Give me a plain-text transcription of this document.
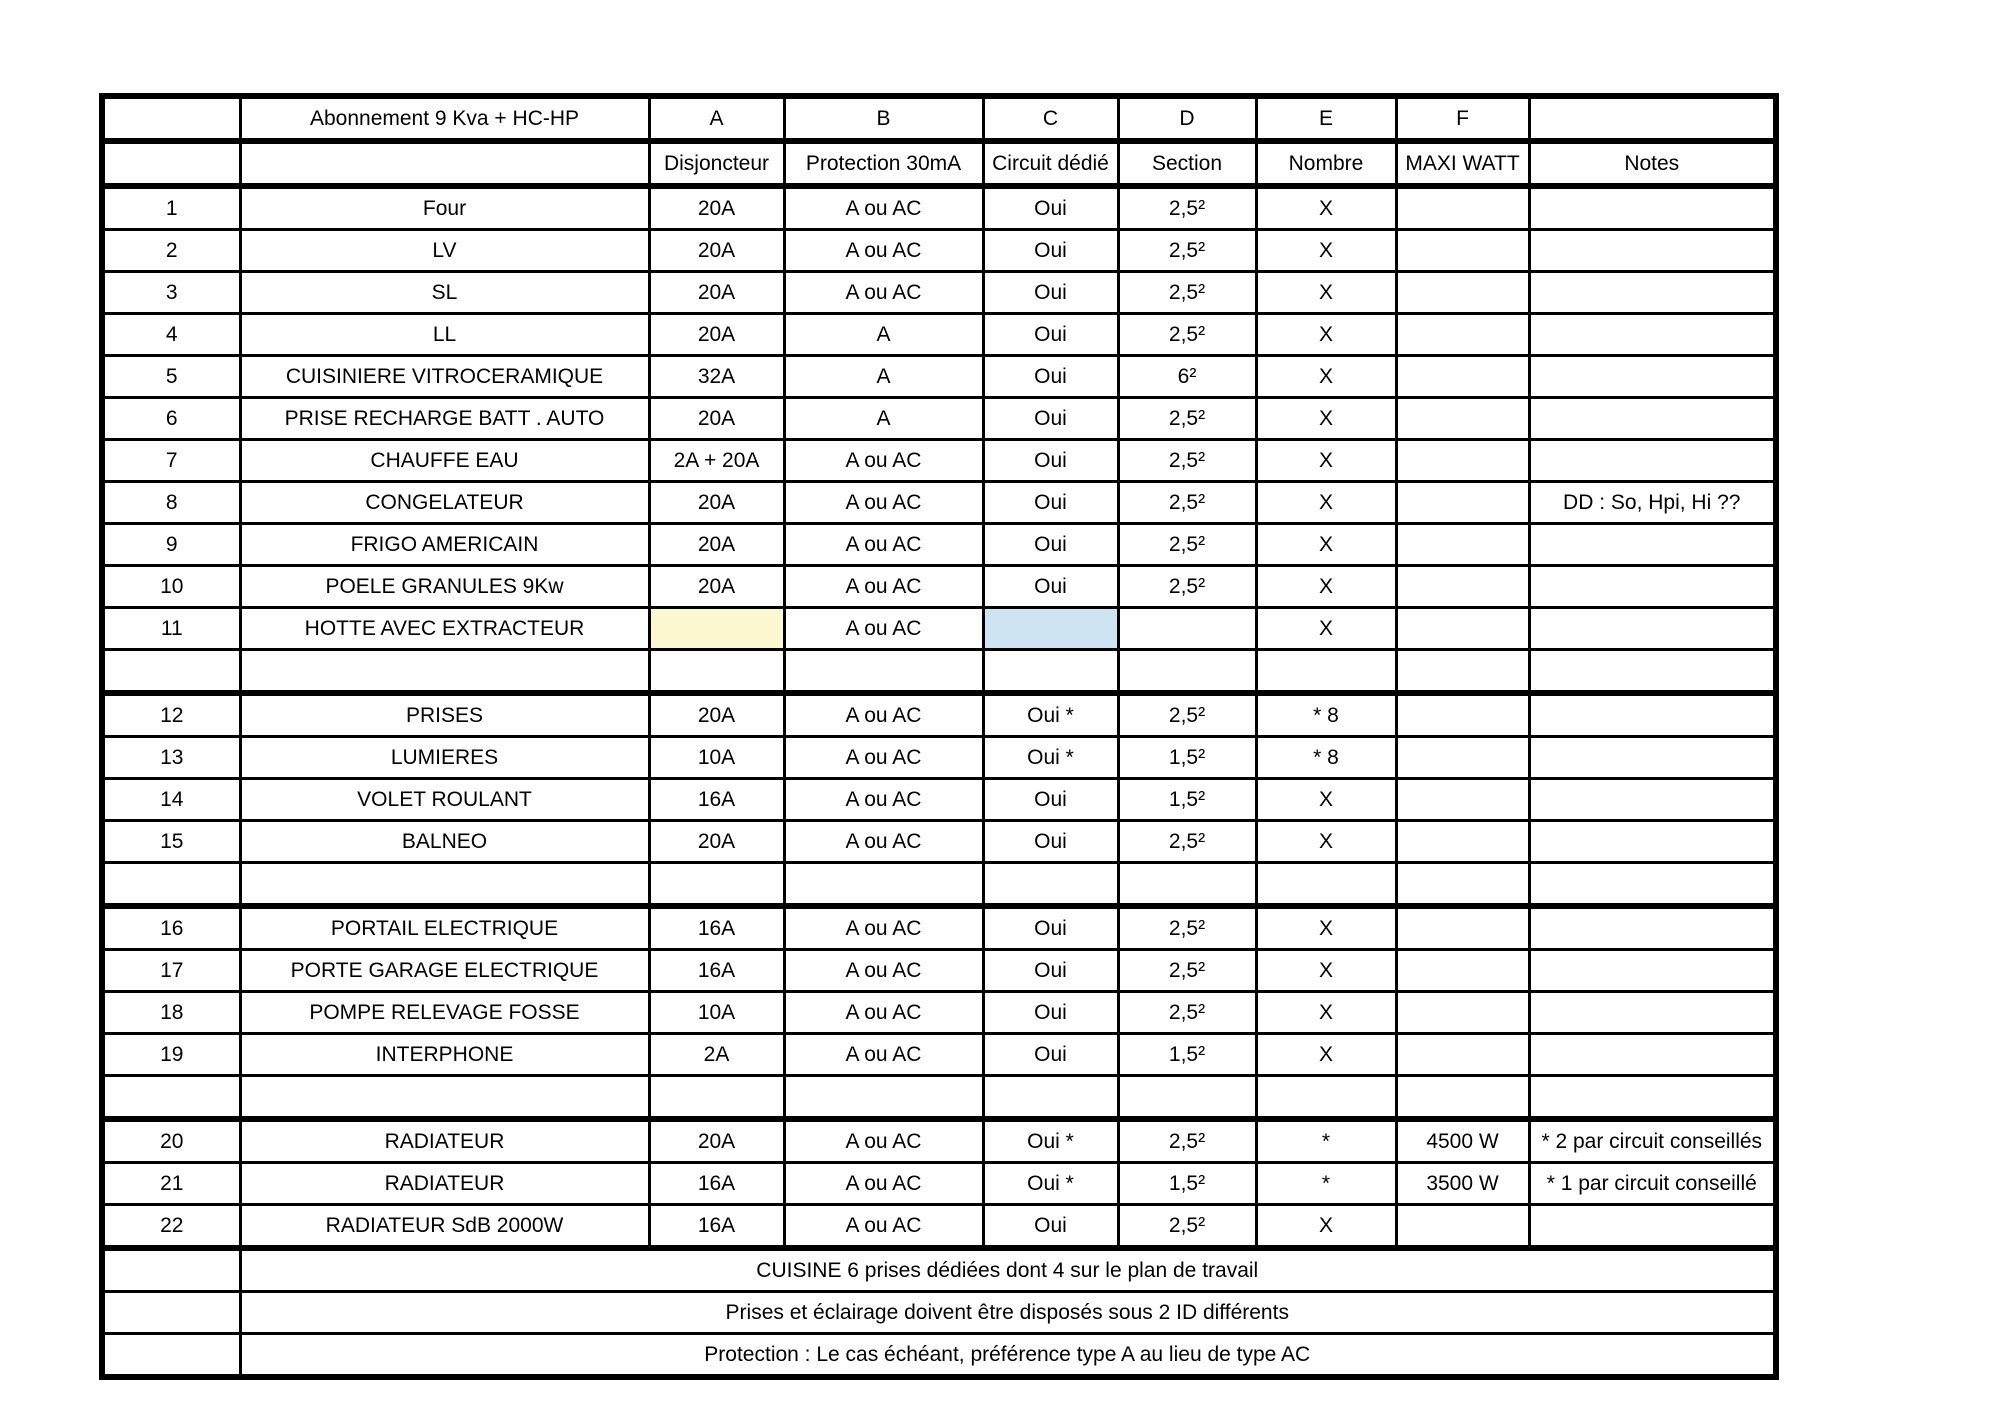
	Abonnement 9 Kva + HC-HP	A	B	C	D	E	F	
		Disjoncteur	Protection 30mA	Circuit dédié	Section	Nombre	MAXI WATT	Notes
1	Four	20A	A ou AC	Oui	2,5²	X		
2	LV	20A	A ou AC	Oui	2,5²	X		
3	SL	20A	A ou AC	Oui	2,5²	X		
4	LL	20A	A	Oui	2,5²	X		
5	CUISINIERE VITROCERAMIQUE	32A	A	Oui	6²	X		
6	PRISE RECHARGE BATT . AUTO	20A	A	Oui	2,5²	X		
7	CHAUFFE EAU	2A + 20A	A ou AC	Oui	2,5²	X		
8	CONGELATEUR	20A	A ou AC	Oui	2,5²	X		DD : So, Hpi, Hi ??
9	FRIGO AMERICAIN	20A	A ou AC	Oui	2,5²	X		
10	POELE GRANULES 9Kw	20A	A ou AC	Oui	2,5²	X		
11	HOTTE AVEC EXTRACTEUR		A ou AC			X		

12	PRISES	20A	A ou AC	Oui *	2,5²	* 8		
13	LUMIERES	10A	A ou AC	Oui *	1,5²	* 8		
14	VOLET ROULANT	16A	A ou AC	Oui	1,5²	X		
15	BALNEO	20A	A ou AC	Oui	2,5²	X		

16	PORTAIL ELECTRIQUE	16A	A ou AC	Oui	2,5²	X		
17	PORTE GARAGE ELECTRIQUE	16A	A ou AC	Oui	2,5²	X		
18	POMPE RELEVAGE FOSSE	10A	A ou AC	Oui	2,5²	X		
19	INTERPHONE	2A	A ou AC	Oui	1,5²	X		

20	RADIATEUR	20A	A ou AC	Oui *	2,5²	*	4500 W	* 2 par circuit conseillés
21	RADIATEUR	16A	A ou AC	Oui *	1,5²	*	3500 W	* 1 par circuit conseillé
22	RADIATEUR SdB 2000W	16A	A ou AC	Oui	2,5²	X		
	CUISINE 6 prises dédiées dont 4 sur le plan de travail							
	Prises et éclairage doivent être disposés sous 2 ID différents							
	Protection : Le cas échéant, préférence type A au lieu de type AC							
